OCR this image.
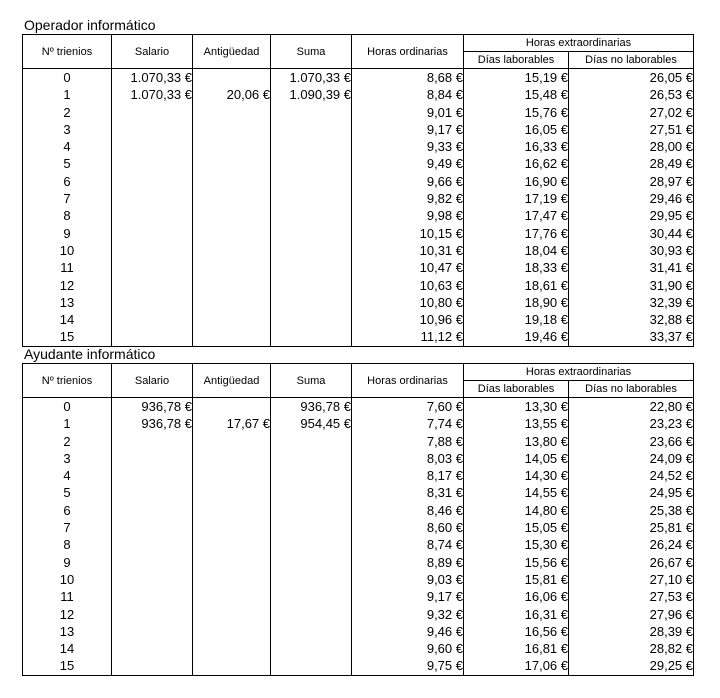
Operador informático
Nº trienios	Salario	Antigüedad	Suma	Horas ordinarias	Horas extraordinarias	
					Días laborables	Días no laborables
0	1.070,33 €		1.070,33 €	8,68 €	15,19 €	26,05 €
1	1.070,33 €	20,06 €	1.090,39 €	8,84 €	15,48 €	26,53 €
2				9,01 €	15,76 €	27,02 €
3				9,17 €	16,05 €	27,51 €
4				9,33 €	16,33 €	28,00 €
5				9,49 €	16,62 €	28,49 €
6				9,66 €	16,90 €	28,97 €
7				9,82 €	17,19 €	29,46 €
8				9,98 €	17,47 €	29,95 €
9				10,15 €	17,76 €	30,44 €
10				10,31 €	18,04 €	30,93 €
11				10,47 €	18,33 €	31,41 €
12				10,63 €	18,61 €	31,90 €
13				10,80 €	18,90 €	32,39 €
14				10,96 €	19,18 €	32,88 €
15				11,12 €	19,46 €	33,37 €
Ayudante informático
Nº trienios	Salario	Antigüedad	Suma	Horas ordinarias	Horas extraordinarias	
					Días laborables	Días no laborables
0	936,78 €		936,78 €	7,60 €	13,30 €	22,80 €
1	936,78 €	17,67 €	954,45 €	7,74 €	13,55 €	23,23 €
2				7,88 €	13,80 €	23,66 €
3				8,03 €	14,05 €	24,09 €
4				8,17 €	14,30 €	24,52 €
5				8,31 €	14,55 €	24,95 €
6				8,46 €	14,80 €	25,38 €
7				8,60 €	15,05 €	25,81 €
8				8,74 €	15,30 €	26,24 €
9				8,89 €	15,56 €	26,67 €
10				9,03 €	15,81 €	27,10 €
11				9,17 €	16,06 €	27,53 €
12				9,32 €	16,31 €	27,96 €
13				9,46 €	16,56 €	28,39 €
14				9,60 €	16,81 €	28,82 €
15				9,75 €	17,06 €	29,25 €
